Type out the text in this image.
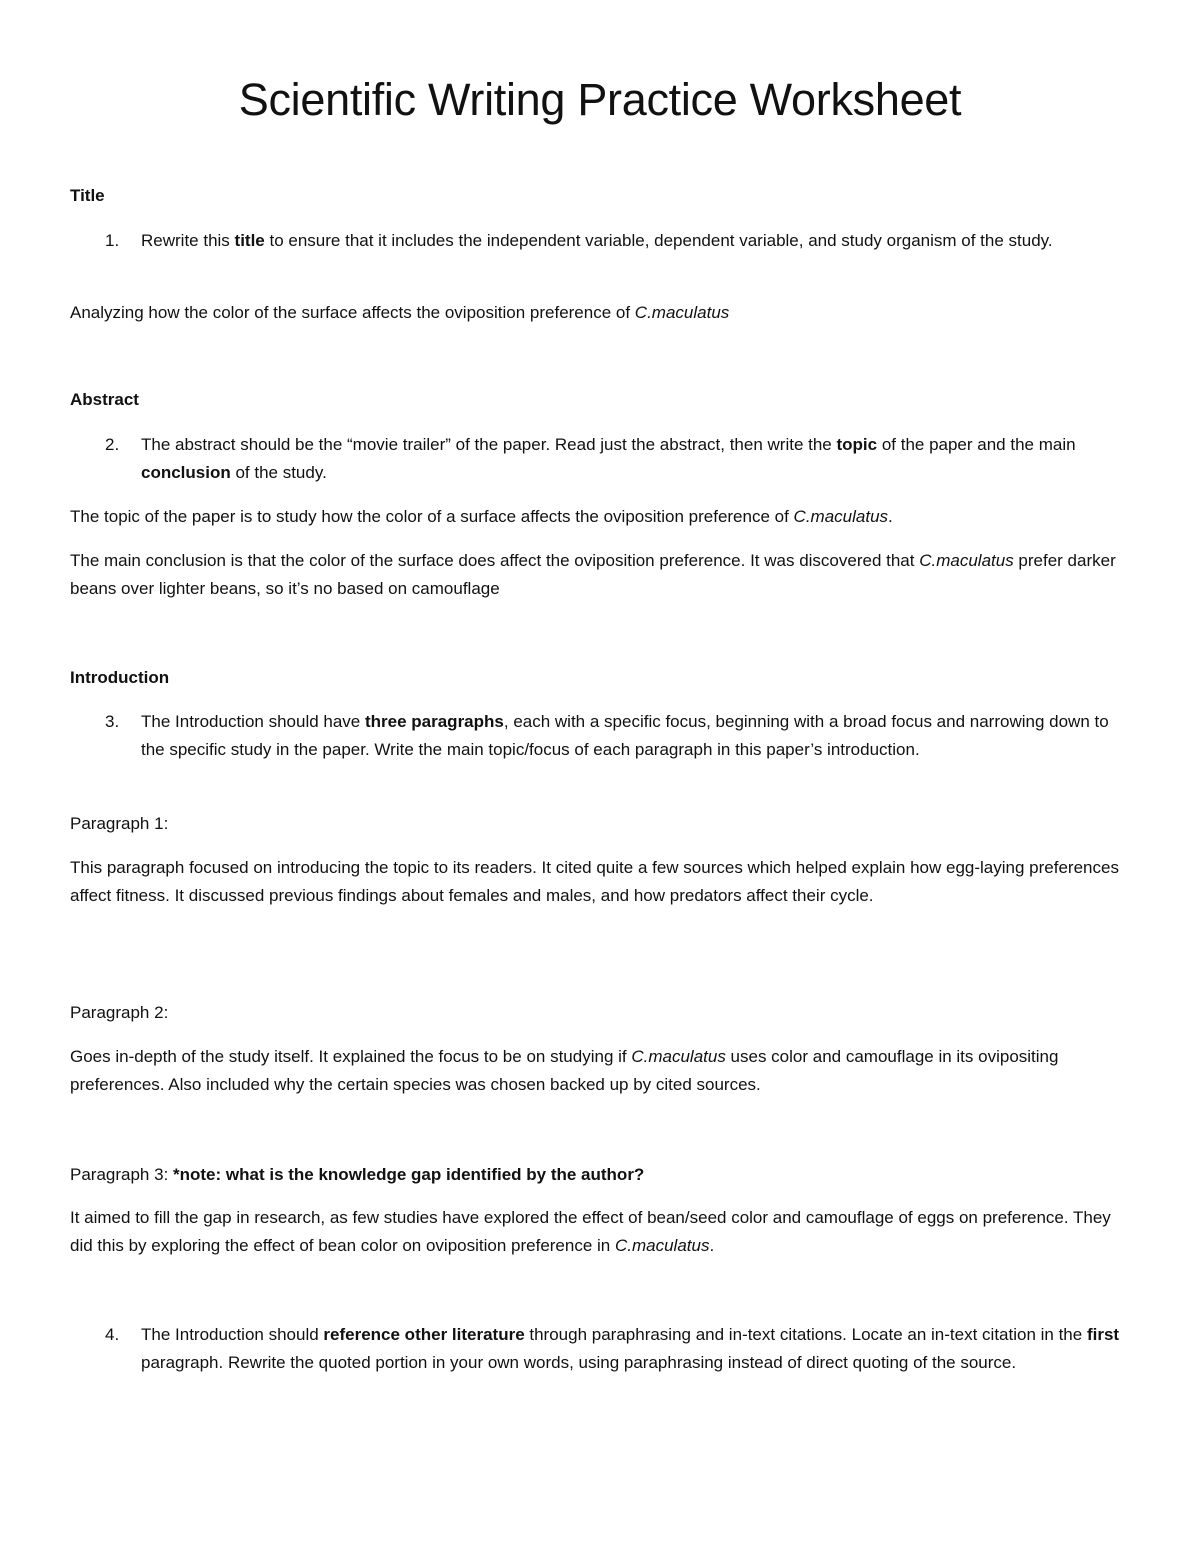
Scientific Writing Practice Worksheet

Title

1. Rewrite this title to ensure that it includes the independent variable, dependent variable, and study organism of the study.

Analyzing how the color of the surface affects the oviposition preference of C.maculatus

Abstract

2. The abstract should be the “movie trailer” of the paper. Read just the abstract, then write the topic of the paper and the main conclusion of the study.

The topic of the paper is to study how the color of a surface affects the oviposition preference of C.maculatus.

The main conclusion is that the color of the surface does affect the oviposition preference. It was discovered that C.maculatus prefer darker beans over lighter beans, so it’s no based on camouflage

Introduction

3. The Introduction should have three paragraphs, each with a specific focus, beginning with a broad focus and narrowing down to the specific study in the paper. Write the main topic/focus of each paragraph in this paper’s introduction.

Paragraph 1:

This paragraph focused on introducing the topic to its readers. It cited quite a few sources which helped explain how egg-laying preferences affect fitness. It discussed previous findings about females and males, and how predators affect their cycle.

Paragraph 2:

Goes in-depth of the study itself. It explained the focus to be on studying if C.maculatus uses color and camouflage in its ovipositing preferences. Also included why the certain species was chosen backed up by cited sources.

Paragraph 3: *note: what is the knowledge gap identified by the author?

It aimed to fill the gap in research, as few studies have explored the effect of bean/seed color and camouflage of eggs on preference. They did this by exploring the effect of bean color on oviposition preference in C.maculatus.

4. The Introduction should reference other literature through paraphrasing and in-text citations. Locate an in-text citation in the first paragraph. Rewrite the quoted portion in your own words, using paraphrasing instead of direct quoting of the source.
